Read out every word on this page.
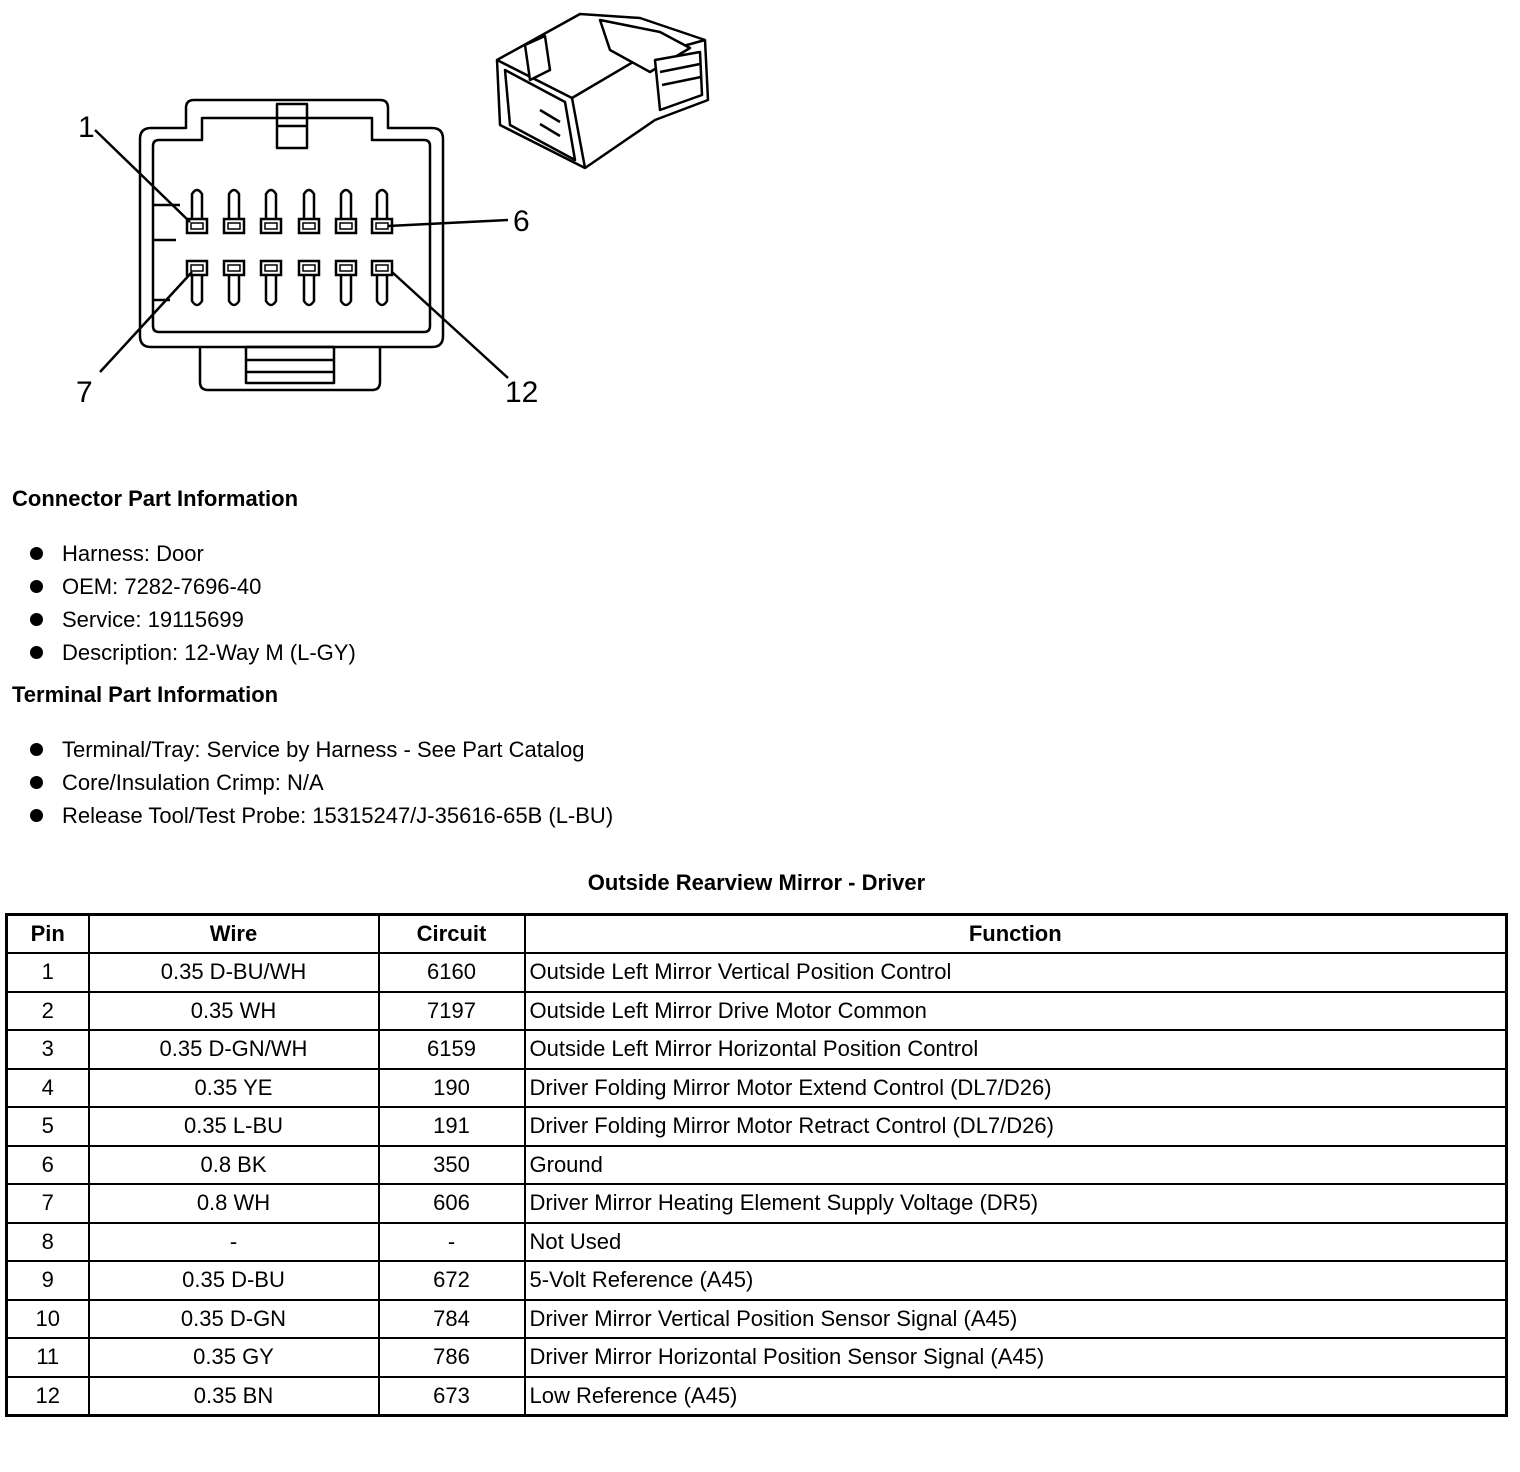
1
6
7	12
Connector Part Information
Harness: Door
OEM: 7282-7696-40
Service: 19115699
Description: 12-Way M (L-GY)
Terminal Part Information
Terminal/Tray: Service by Harness - See Part Catalog
Core/Insulation Crimp: N/A
Release Tool/Test Probe: 15315247/J-35616-65B (L-BU)
Outside Rearview Mirror - Driver
Pin	Wire	Circuit	Function
1	0.35 D-BU/WH	6160	Outside Left Mirror Vertical Position Control
2	0.35 WH	7197	Outside Left Mirror Drive Motor Common
3	0.35 D-GN/WH	6159	Outside Left Mirror Horizontal Position Control
4	0.35 YE	190	Driver Folding Mirror Motor Extend Control (DL7/D26)
5	0.35 L-BU	191	Driver Folding Mirror Motor Retract Control (DL7/D26)
6	0.8 BK	350	Ground
7	0.8 WH	606	Driver Mirror Heating Element Supply Voltage (DR5)
8	-	-	Not Used
9	0.35 D-BU	672	5-Volt Reference (A45)
10	0.35 D-GN	784	Driver Mirror Vertical Position Sensor Signal (A45)
11	0.35 GY	786	Driver Mirror Horizontal Position Sensor Signal (A45)
12	0.35 BN	673	Low Reference (A45)
